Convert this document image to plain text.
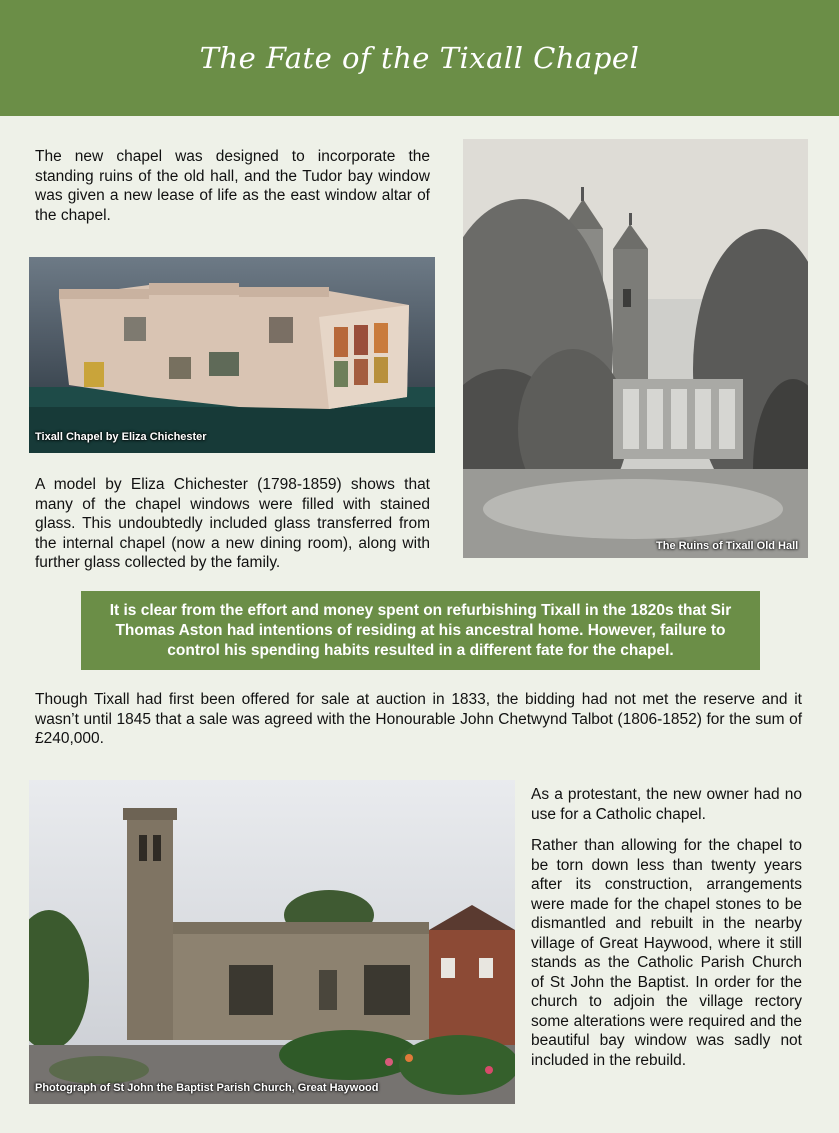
The Fate of the Tixall Chapel

The new chapel was designed to incorporate the standing ruins of the old hall, and the Tudor bay window was given a new lease of life as the east window altar of the chapel.

Tixall Chapel by Eliza Chichester

A model by Eliza Chichester (1798-1859) shows that many of the chapel windows were filled with stained glass. This undoubtedly included glass transferred from the internal chapel (now a new dining room), along with further glass collected by the family.

The Ruins of Tixall Old Hall
It is clear from the effort and money spent on refurbishing Tixall in the 1820s that Sir Thomas Aston had intentions of residing at his ancestral home. However, failure to control his spending habits resulted in a different fate for the chapel.

Though Tixall had first been offered for sale at auction in 1833, the bidding had not met the reserve and it wasn’t until 1845 that a sale was agreed with the Honourable John Chetwynd Talbot (1806-1852) for the sum of £240,000.

Photograph of St John the Baptist Parish Church, Great Haywood

As a protestant, the new owner had no use for a Catholic chapel.

Rather than allowing for the chapel to be torn down less than twenty years after its construction, arrangements were made for the chapel stones to be dismantled and rebuilt in the nearby village of Great Haywood, where it still stands as the Catholic Parish Church of St John the Baptist. In order for the church to adjoin the village rectory some alterations were required and the beautiful bay window was sadly not included in the rebuild.
